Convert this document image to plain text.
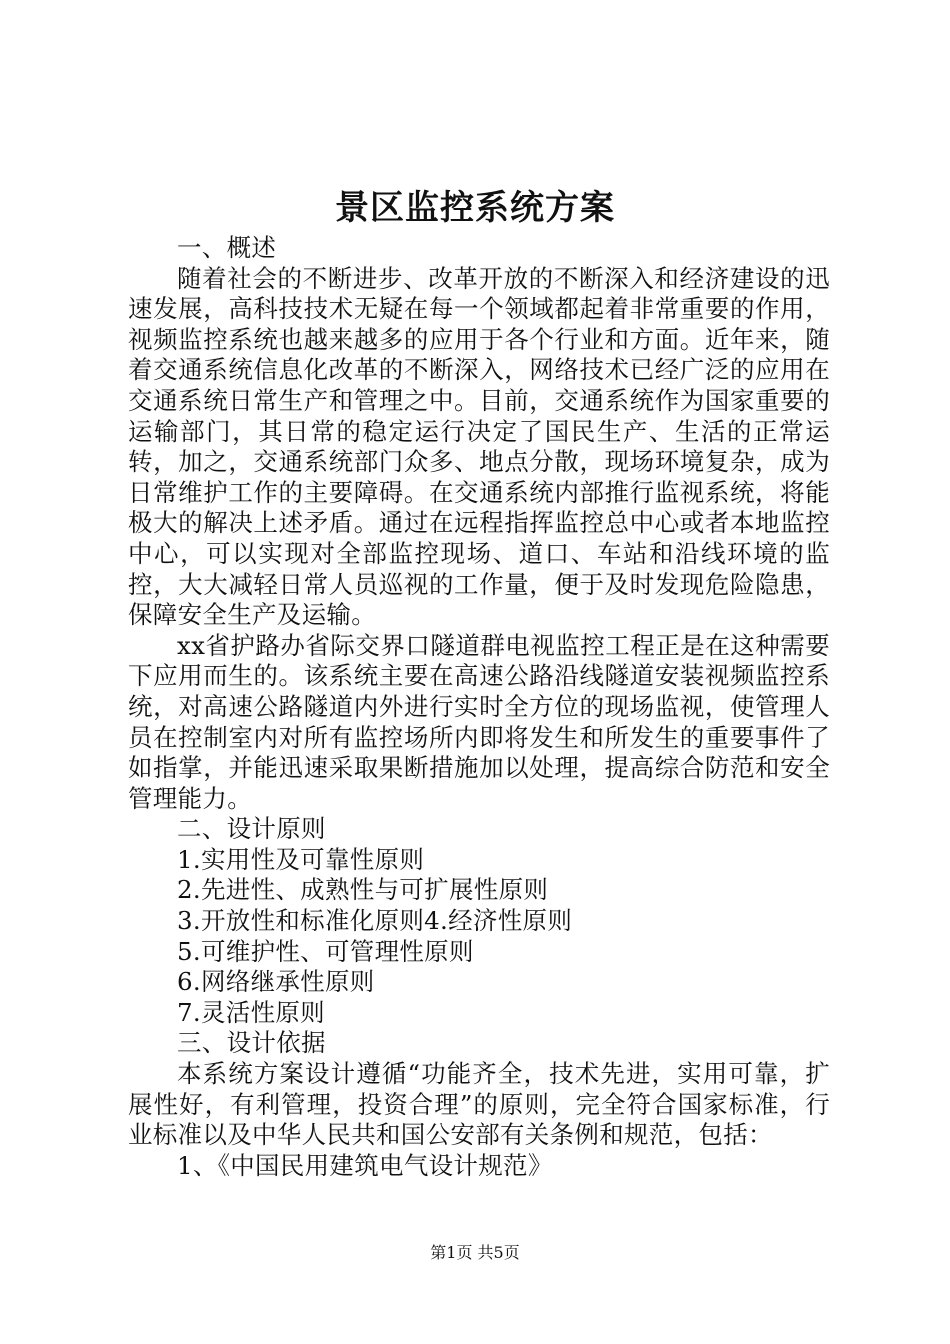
景区监控系统方案

一、概述

随着社会的不断进步、改革开放的不断深入和经济建设的迅速发展，高科技技术无疑在每一个领域都起着非常重要的作用，视频监控系统也越来越多的应用于各个行业和方面。近年来，随着交通系统信息化改革的不断深入，网络技术已经广泛的应用在交通系统日常生产和管理之中。目前，交通系统作为国家重要的运输部门，其日常的稳定运行决定了国民生产、生活的正常运转，加之，交通系统部门众多、地点分散，现场环境复杂，成为日常维护工作的主要障碍。在交通系统内部推行监视系统，将能极大的解决上述矛盾。通过在远程指挥监控总中心或者本地监控中心，可以实现对全部监控现场、道口、车站和沿线环境的监控，大大减轻日常人员巡视的工作量，便于及时发现危险隐患，保障安全生产及运输。

xx省护路办省际交界口隧道群电视监控工程正是在这种需要下应用而生的。该系统主要在高速公路沿线隧道安装视频监控系统，对高速公路隧道内外进行实时全方位的现场监视，使管理人员在控制室内对所有监控场所内即将发生和所发生的重要事件了如指掌，并能迅速采取果断措施加以处理，提高综合防范和安全管理能力。

二、设计原则

1.实用性及可靠性原则

2.先进性、成熟性与可扩展性原则

3.开放性和标准化原则4.经济性原则

5.可维护性、可管理性原则

6.网络继承性原则

7.灵活性原则

三、设计依据

本系统方案设计遵循“功能齐全，技术先进，实用可靠，扩展性好，有利管理，投资合理”的原则，完全符合国家标准，行业标准以及中华人民共和国公安部有关条例和规范，包括：

1、《中国民用建筑电气设计规范》

第1页 共5页
